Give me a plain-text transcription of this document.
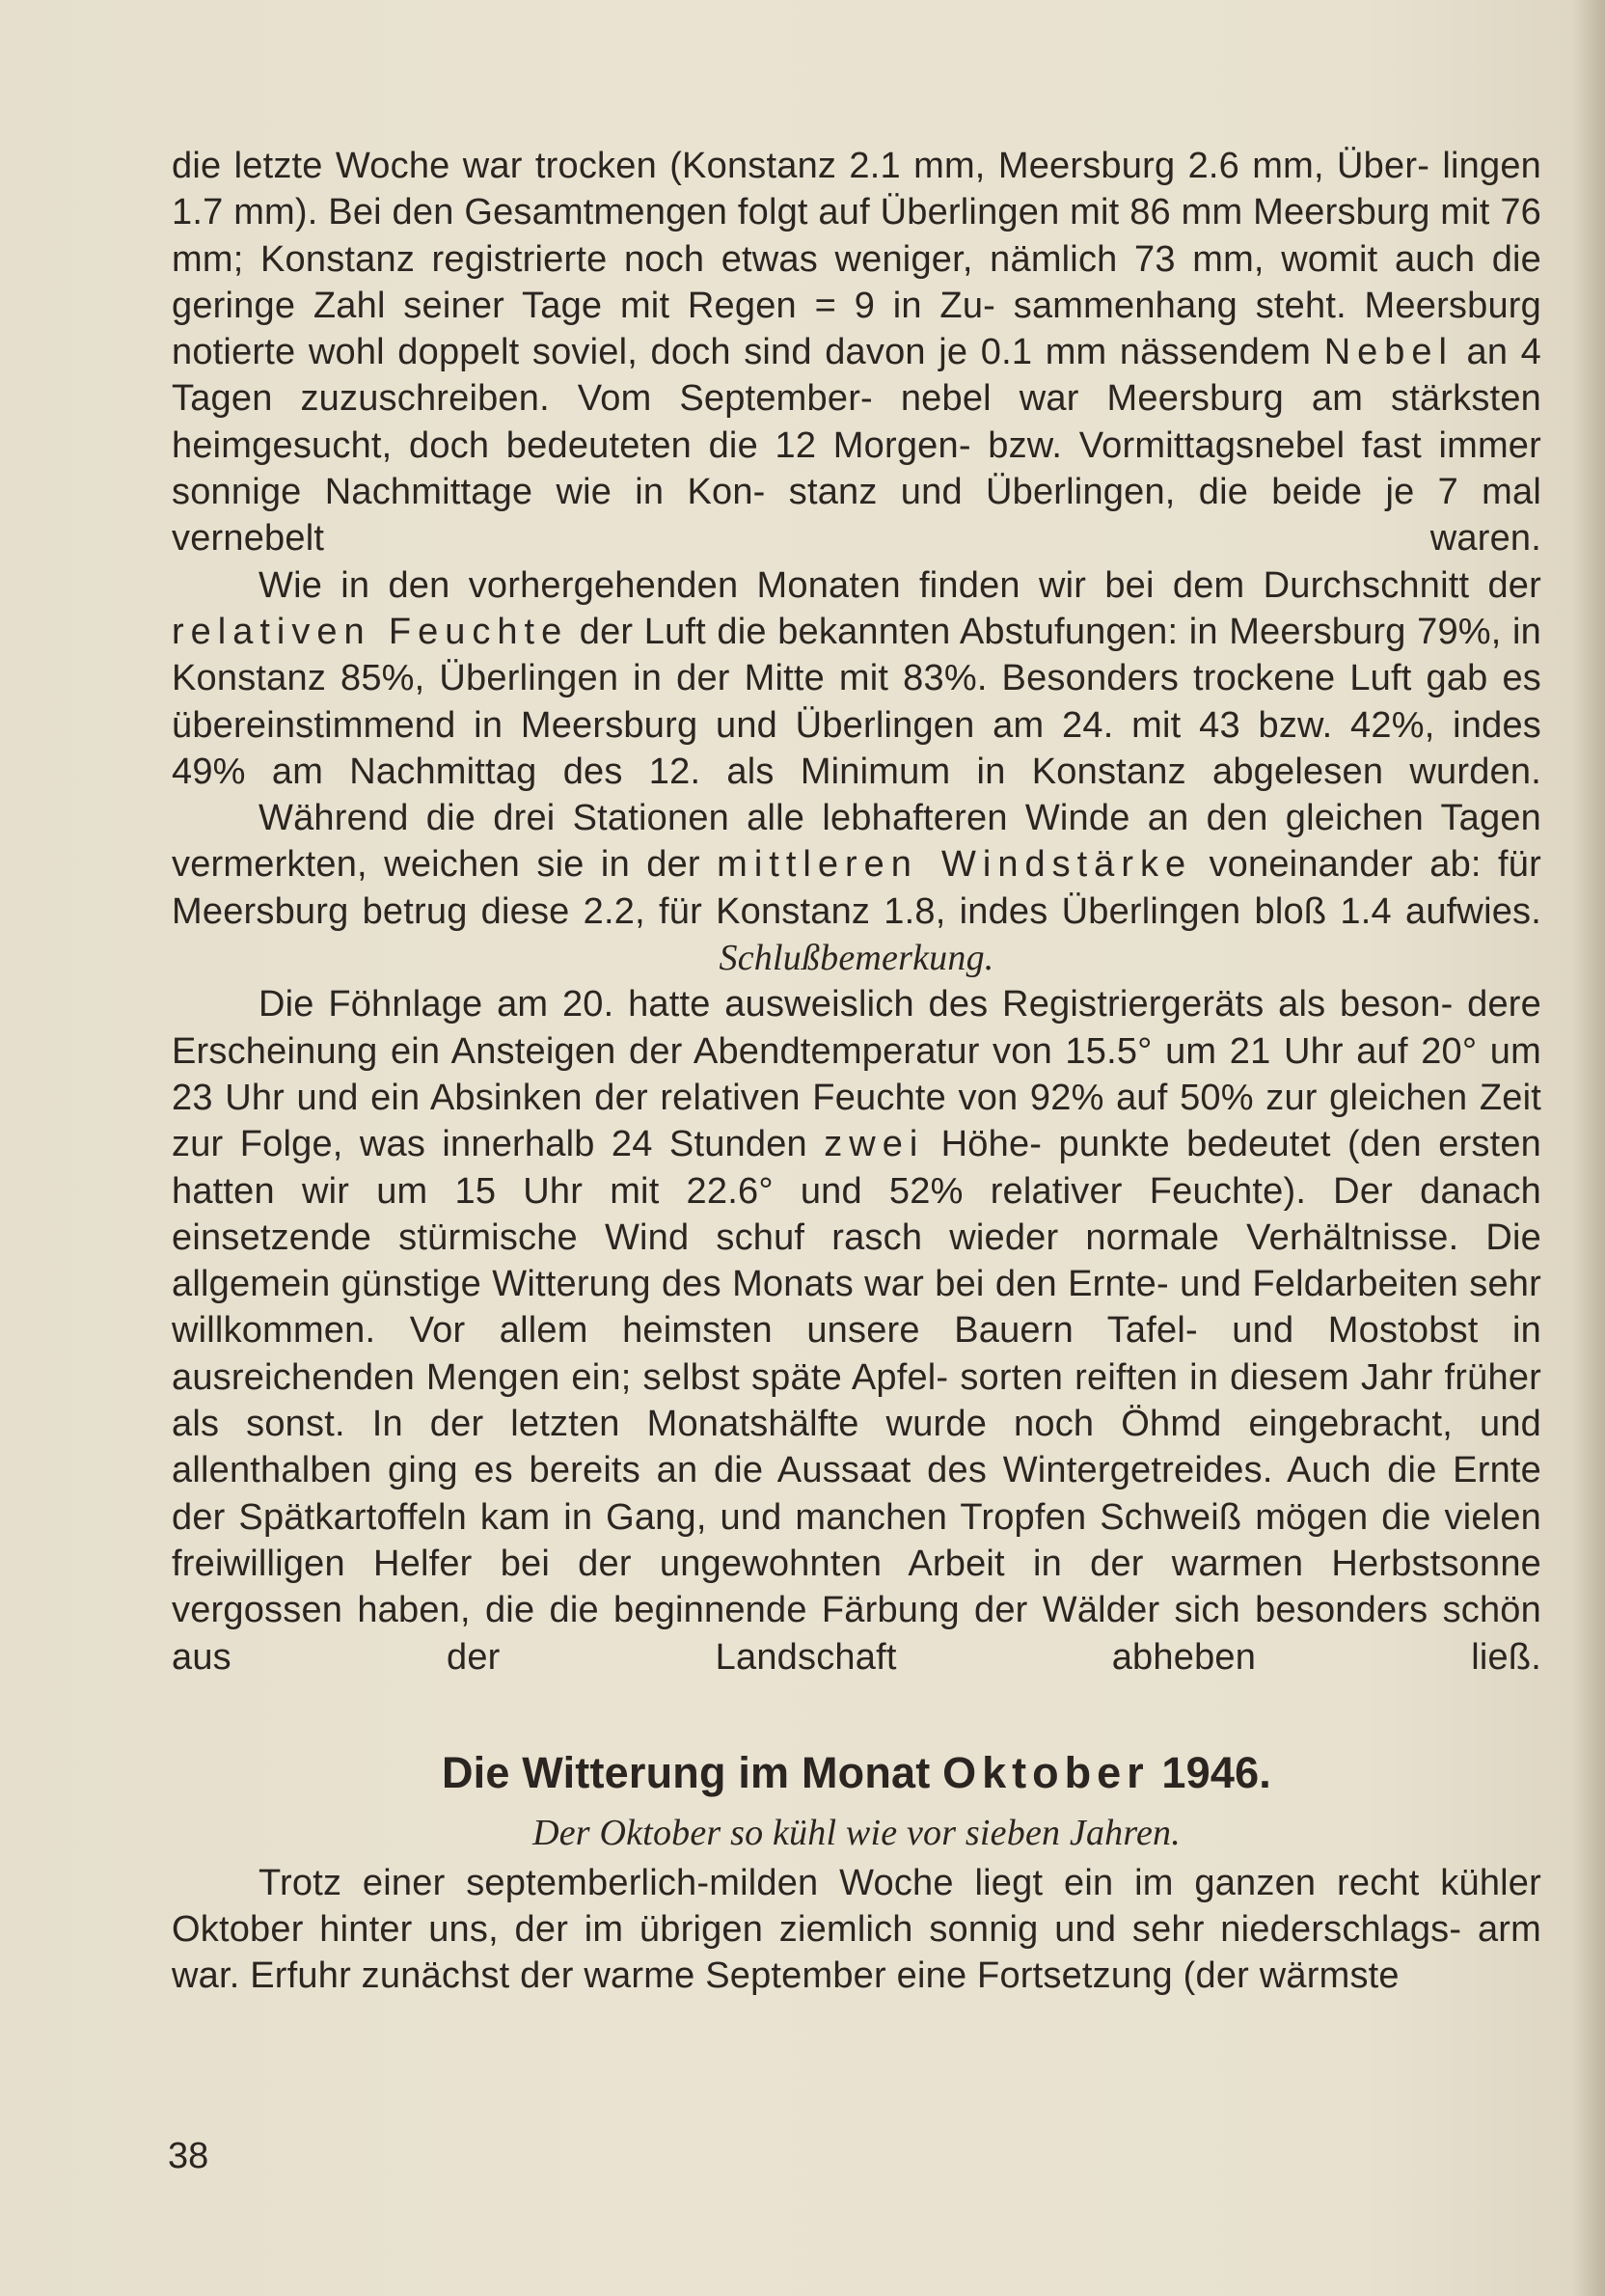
die letzte Woche war trocken (Konstanz 2.1 mm, Meersburg 2.6 mm, Über- lingen 1.7 mm). Bei den Gesamtmengen folgt auf Überlingen mit 86 mm Meersburg mit 76 mm; Konstanz registrierte noch etwas weniger, nämlich 73 mm, womit auch die geringe Zahl seiner Tage mit Regen = 9 in Zu- sammenhang steht. Meersburg notierte wohl doppelt soviel, doch sind davon je 0.1 mm nässendem Nebel an 4 Tagen zuzuschreiben. Vom September- nebel war Meersburg am stärksten heimgesucht, doch bedeuteten die 12 Morgen- bzw. Vormittagsnebel fast immer sonnige Nachmittage wie in Kon- stanz und Überlingen, die beide je 7 mal vernebelt waren.

Wie in den vorhergehenden Monaten finden wir bei dem Durchschnitt der relativen Feuchte der Luft die bekannten Abstufungen: in Meersburg 79%, in Konstanz 85%, Überlingen in der Mitte mit 83%. Besonders trockene Luft gab es übereinstimmend in Meersburg und Überlingen am 24. mit 43 bzw. 42%, indes 49% am Nachmittag des 12. als Minimum in Konstanz abgelesen wurden.

Während die drei Stationen alle lebhafteren Winde an den gleichen Tagen vermerkten, weichen sie in der mittleren Windstärke voneinander ab: für Meersburg betrug diese 2.2, für Konstanz 1.8, indes Überlingen bloß 1.4 aufwies.

Schlußbemerkung.

Die Föhnlage am 20. hatte ausweislich des Registriergeräts als beson- dere Erscheinung ein Ansteigen der Abendtemperatur von 15.5° um 21 Uhr auf 20° um 23 Uhr und ein Absinken der relativen Feuchte von 92% auf 50% zur gleichen Zeit zur Folge, was innerhalb 24 Stunden zwei Höhe- punkte bedeutet (den ersten hatten wir um 15 Uhr mit 22.6° und 52% relativer Feuchte). Der danach einsetzende stürmische Wind schuf rasch wieder normale Verhältnisse. Die allgemein günstige Witterung des Monats war bei den Ernte- und Feldarbeiten sehr willkommen. Vor allem heimsten unsere Bauern Tafel- und Mostobst in ausreichenden Mengen ein; selbst späte Apfel- sorten reiften in diesem Jahr früher als sonst. In der letzten Monatshälfte wurde noch Öhmd eingebracht, und allenthalben ging es bereits an die Aussaat des Wintergetreides. Auch die Ernte der Spätkartoffeln kam in Gang, und manchen Tropfen Schweiß mögen die vielen freiwilligen Helfer bei der ungewohnten Arbeit in der warmen Herbstsonne vergossen haben, die die beginnende Färbung der Wälder sich besonders schön aus der Landschaft abheben ließ.

Die Witterung im Monat Oktober 1946.

Der Oktober so kühl wie vor sieben Jahren.

Trotz einer septemberlich-milden Woche liegt ein im ganzen recht kühler Oktober hinter uns, der im übrigen ziemlich sonnig und sehr niederschlags- arm war. Erfuhr zunächst der warme September eine Fortsetzung (der wärmste

38
